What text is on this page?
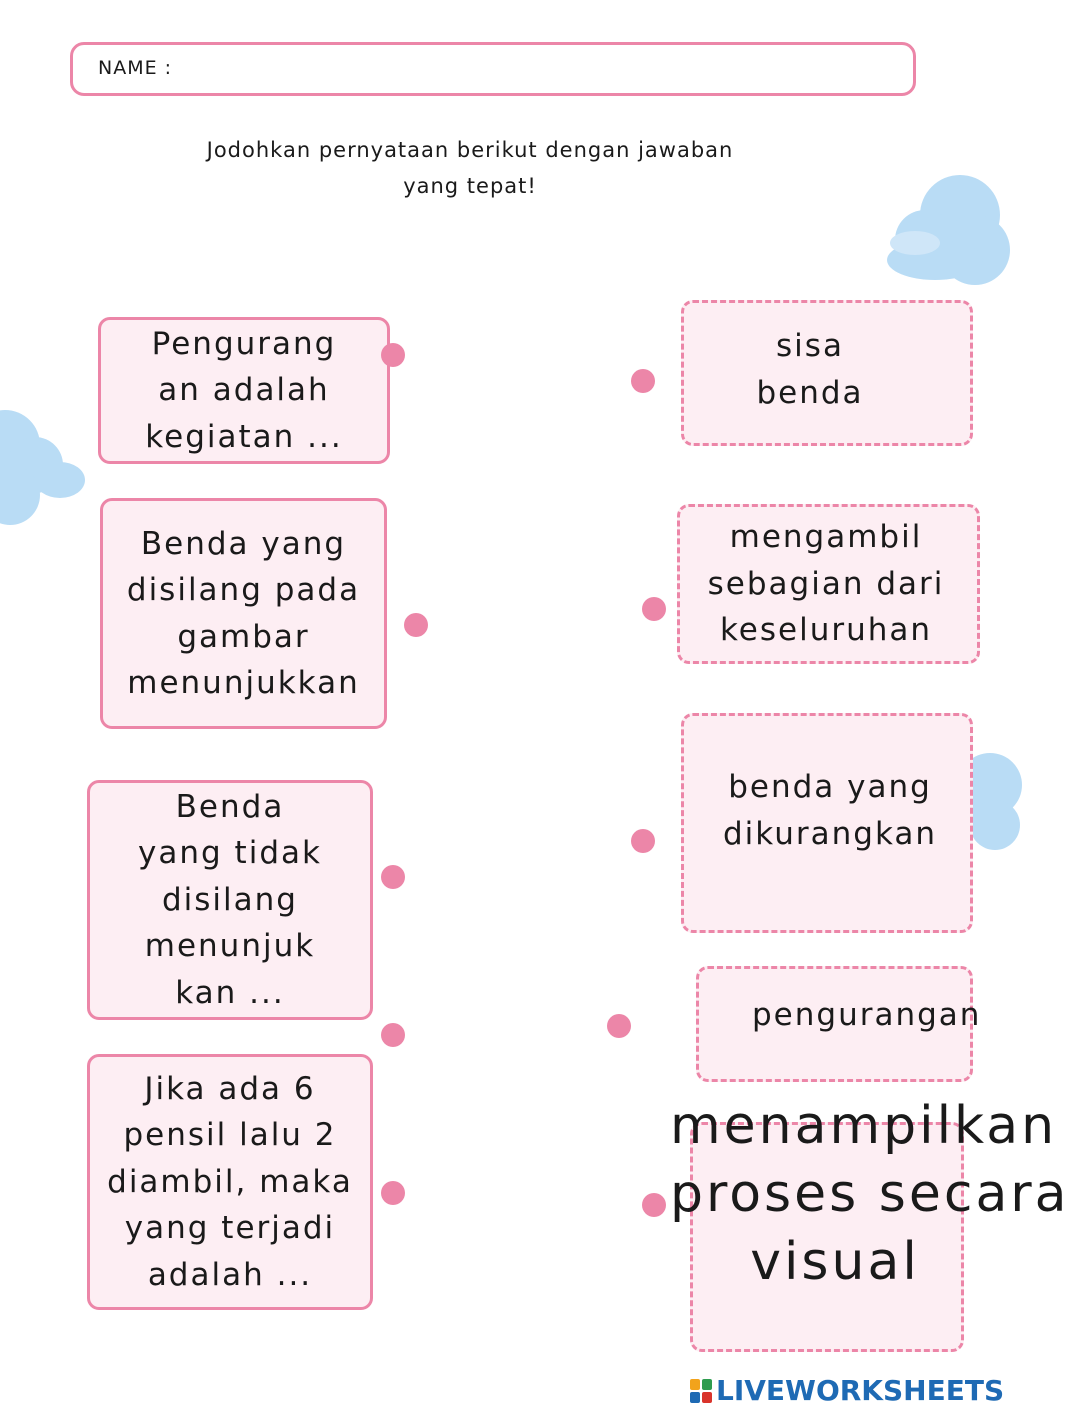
NAME :
Jodohkan pernyataan berikut dengan jawaban
yang tepat!
Pengurang
an adalah
kegiatan ...
Benda yang
disilang pada
gambar
menunjukkan
Benda
yang tidak
disilang
menunjuk
kan ...
Jika ada 6
pensil lalu 2
diambil, maka
yang terjadi
adalah ...
sisa
benda
mengambil
sebagian dari
keseluruhan
benda yang
dikurangkan
pengurangan
menampilkan
proses secara
visual
LIVEWORKSHEETS
